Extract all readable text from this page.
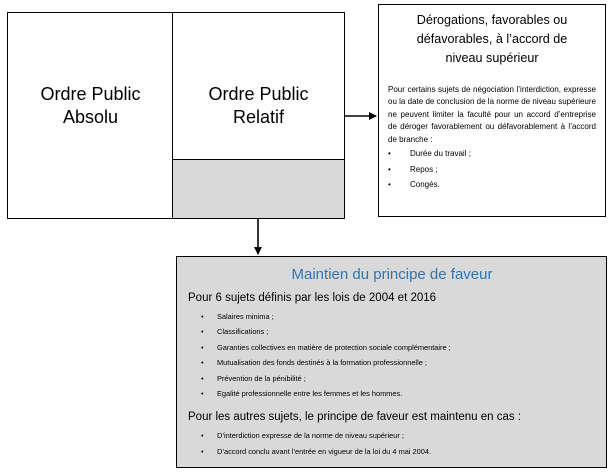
Ordre Public
Absolu
Ordre Public
Relatif
Dérogations, favorables ou
défavorables, à l’accord de
niveau supérieur

Pour certains sujets de négociation l’interdiction, expresse ou la date de conclusion de la norme de niveau supérieure ne peuvent limiter la faculté pour un accord d’entreprise de déroger favorablement ou défavorablement à l’accord de branche :

• Durée du travail ;
• Repos ;
• Congés.
Maintien du principe de faveur
Pour 6 sujets définis par les lois de 2004 et 2016
• Salaires minima ;
• Classifications ;
• Garanties collectives en matière de protection sociale complémentaire ;
• Mutualisation des fonds destinés à la formation professionnelle ;
• Prévention de la pénibilité ;
• Egalité professionnelle entre les femmes et les hommes.
Pour les autres sujets, le principe de faveur est maintenu en cas :
• D’interdiction expresse de la norme de niveau supérieur ;
• D’accord conclu avant l’entrée en vigueur de la loi du 4 mai 2004.
